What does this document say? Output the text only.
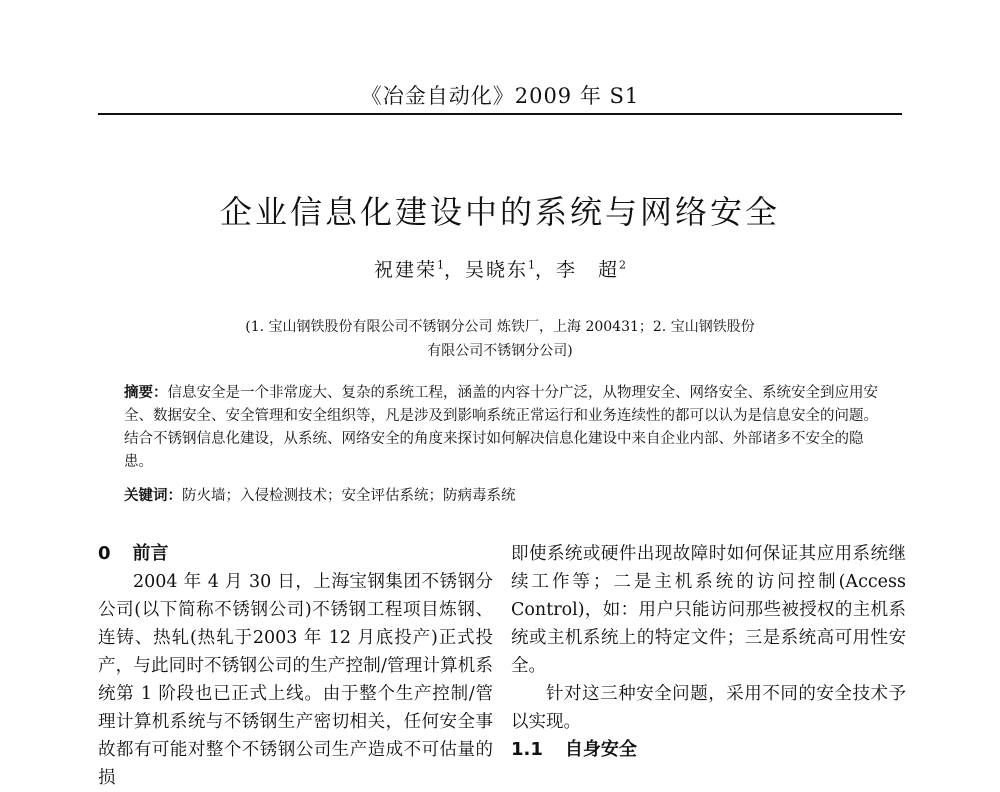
《冶金自动化》2009 年 S1
企业信息化建设中的系统与网络安全
祝建荣$^1$，吴晓东$^1$，李　超$^2$
(1. 宝山钢铁股份有限公司不锈钢分公司 炼铁厂，上海 200431；2. 宝山钢铁股份
有限公司不锈钢分公司)

摘要：信息安全是一个非常庞大、复杂的系统工程，涵盖的内容十分广泛，从物理安全、网络安全、系统安全到应用安全、数据安全、安全管理和安全组织等，凡是涉及到影响系统正常运行和业务连续性的都可以认为是信息安全的问题。结合不锈钢信息化建设，从系统、网络安全的角度来探讨如何解决信息化建设中来自企业内部、外部诸多不安全的隐患。

关键词：防火墙；入侵检测技术；安全评估系统；防病毒系统

0 前言

2004 年 4 月 30 日，上海宝钢集团不锈钢分公司(以下简称不锈钢公司)不锈钢工程项目炼钢、连铸、热轧(热轧于2003 年 12 月底投产)正式投产，与此同时不锈钢公司的生产控制/管理计算机系统第 1 阶段也已正式上线。由于整个生产控制/管理计算机系统与不锈钢生产密切相关，任何安全事故都有可能对整个不锈钢公司生产造成不可估量的损

即使系统或硬件出现故障时如何保证其应用系统继续工作等；二是主机系统的访问控制(Access Control)，如：用户只能访问那些被授权的主机系统或主机系统上的特定文件；三是系统高可用性安全。

针对这三种安全问题，采用不同的安全技术予以实现。

1.1 自身安全
